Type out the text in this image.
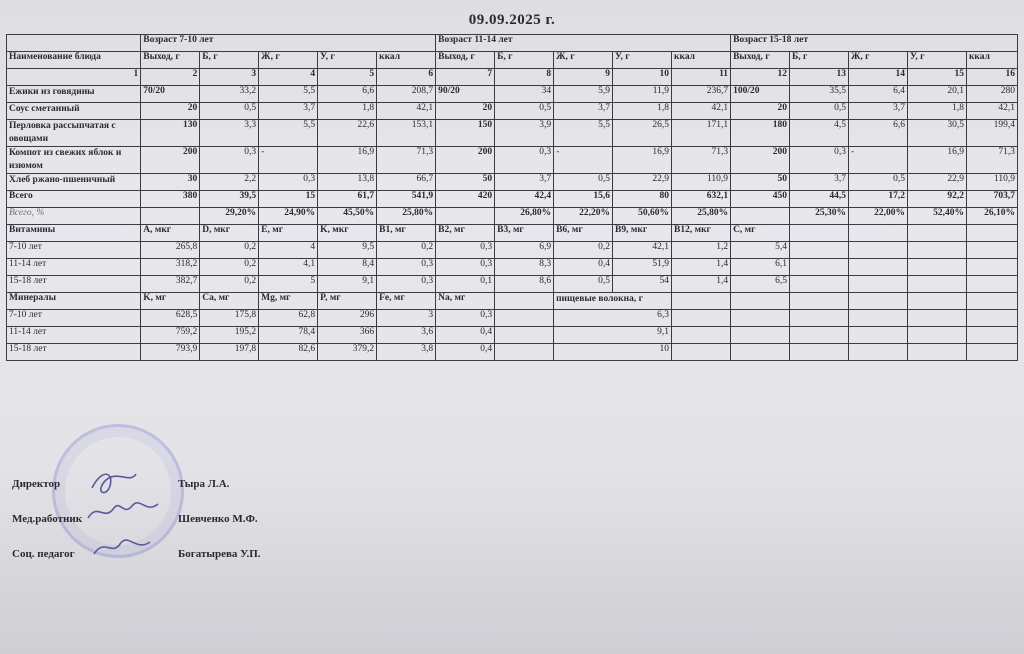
09.09.2025 г.
	Возраст 7-10 лет					Возраст 11-14 лет					Возраст 15-18 лет				
Наименование блюда	Выход, г	Б, г	Ж, г	У, г	ккал	Выход, г	Б, г	Ж, г	У, г	ккал	Выход, г	Б, г	Ж, г	У, г	ккал
1	2	3	4	5	6	7	8	9	10	11	12	13	14	15	16
Ежики из говядины	70/20	33,2	5,5	6,6	208,7	90/20	34	5,9	11,9	236,7	100/20	35,5	6,4	20,1	280
Соус сметанный	20	0,5	3,7	1,8	42,1	20	0,5	3,7	1,8	42,1	20	0,5	3,7	1,8	42,1
Перловка рассыпчатая с овощами	130	3,3	5,5	22,6	153,1	150	3,9	5,5	26,5	171,1	180	4,5	6,6	30,5	199,4
Компот из свежих яблок и изюмом	200	0,3	-	16,9	71,3	200	0,3	-	16,9	71,3	200	0,3	-	16,9	71,3
Хлеб ржано-пшеничный	30	2,2	0,3	13,8	66,7	50	3,7	0,5	22,9	110,9	50	3,7	0,5	22,9	110,9
Всего	380	39,5	15	61,7	541,9	420	42,4	15,6	80	632,1	450	44,5	17,2	92,2	703,7
Всего, %		29,20%	24,90%	45,50%	25,80%		26,80%	22,20%	50,60%	25,80%		25,30%	22,00%	52,40%	26,10%
Витамины	A, мкг	D, мкг	E, мг	K, мкг	B1, мг	B2, мг	B3, мг	B6, мг	B9, мкг	B12, мкг	C, мг				
7-10 лет	265,8	0,2	4	9,5	0,2	0,3	6,9	0,2	42,1	1,2	5,4				
11-14 лет	318,2	0,2	4,1	8,4	0,3	0,3	8,3	0,4	51,9	1,4	6,1				
15-18 лет	382,7	0,2	5	9,1	0,3	0,1	8,6	0,5	54	1,4	6,5				
Минералы	K, мг	Ca, мг	Mg, мг	P, мг	Fe, мг	Na, мг		пищевые волокна, г							
7-10 лет	628,5	175,8	62,8	296	3	0,3		6,3							
11-14 лет	759,2	195,2	78,4	366	3,6	0,4		9,1							
15-18 лет	793,9	197,8	82,6	379,2	3,8	0,4		10							
Директор	Тыра Л.А.
Мед.работник	Шевченко М.Ф.
Соц. педагог	Богатырева У.П.
